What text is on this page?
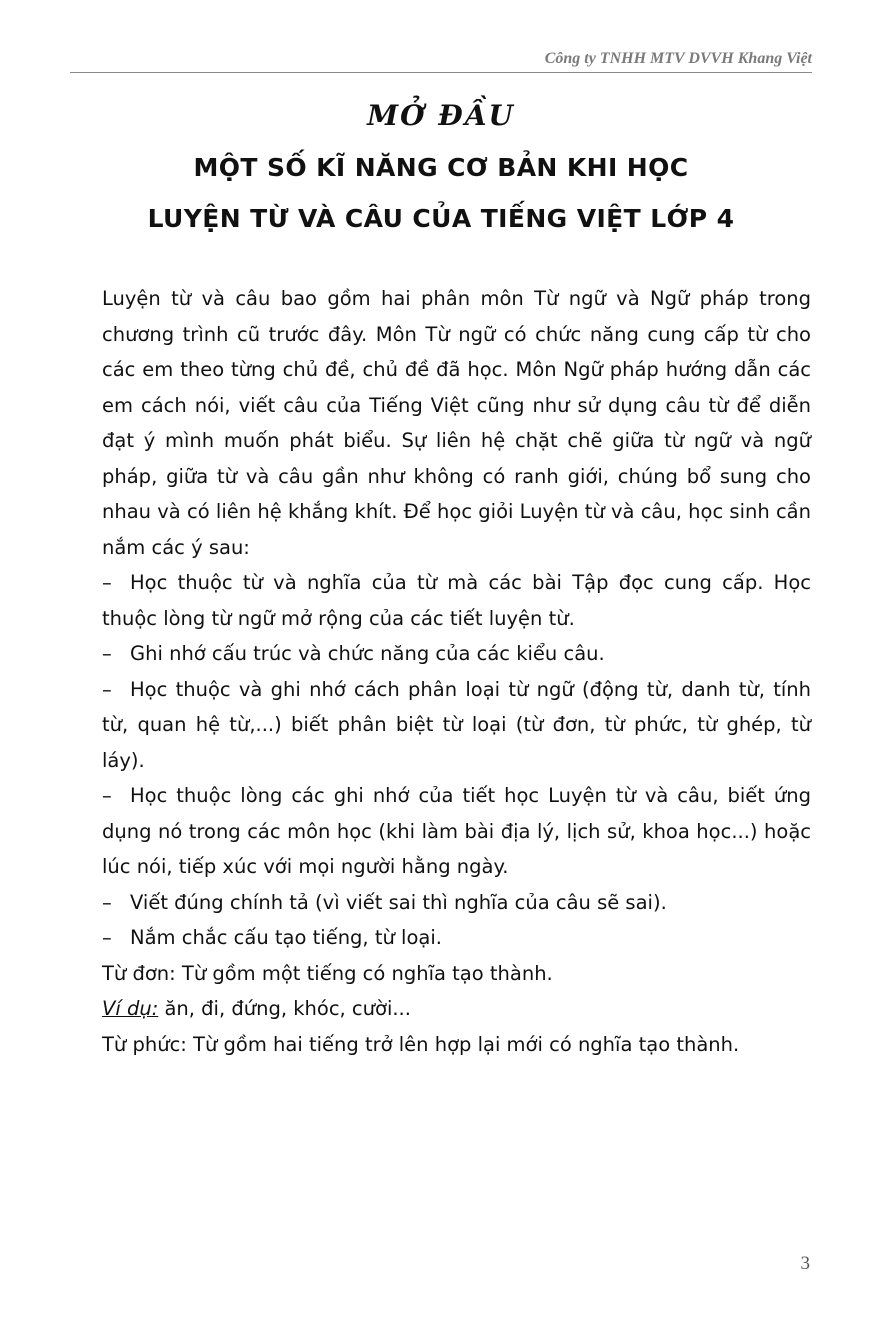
Công ty TNHH MTV DVVH Khang Việt
MỞ ĐẦU
MỘT SỐ KĨ NĂNG CƠ BẢN KHI HỌC
LUYỆN TỪ VÀ CÂU CỦA TIẾNG VIỆT LỚP 4

Luyện từ và câu bao gồm hai phân môn Từ ngữ và Ngữ pháp trong chương trình cũ trước đây. Môn Từ ngữ có chức năng cung cấp từ cho các em theo từng chủ đề, chủ đề đã học. Môn Ngữ pháp hướng dẫn các em cách nói, viết câu của Tiếng Việt cũng như sử dụng câu từ để diễn đạt ý mình muốn phát biểu. Sự liên hệ chặt chẽ giữa từ ngữ và ngữ pháp, giữa từ và câu gần như không có ranh giới, chúng bổ sung cho nhau và có liên hệ khắng khít. Để học giỏi Luyện từ và câu, học sinh cần nắm các ý sau:

– Học thuộc từ và nghĩa của từ mà các bài Tập đọc cung cấp. Học thuộc lòng từ ngữ mở rộng của các tiết luyện từ.

– Ghi nhớ cấu trúc và chức năng của các kiểu câu.

– Học thuộc và ghi nhớ cách phân loại từ ngữ (động từ, danh từ, tính từ, quan hệ từ,...) biết phân biệt từ loại (từ đơn, từ phức, từ ghép, từ láy).

– Học thuộc lòng các ghi nhớ của tiết học Luyện từ và câu, biết ứng dụng nó trong các môn học (khi làm bài địa lý, lịch sử, khoa học...) hoặc lúc nói, tiếp xúc với mọi người hằng ngày.

– Viết đúng chính tả (vì viết sai thì nghĩa của câu sẽ sai).

– Nắm chắc cấu tạo tiếng, từ loại.

Từ đơn: Từ gồm một tiếng có nghĩa tạo thành.

Ví dụ: ăn, đi, đứng, khóc, cười...

Từ phức: Từ gồm hai tiếng trở lên hợp lại mới có nghĩa tạo thành.

3
